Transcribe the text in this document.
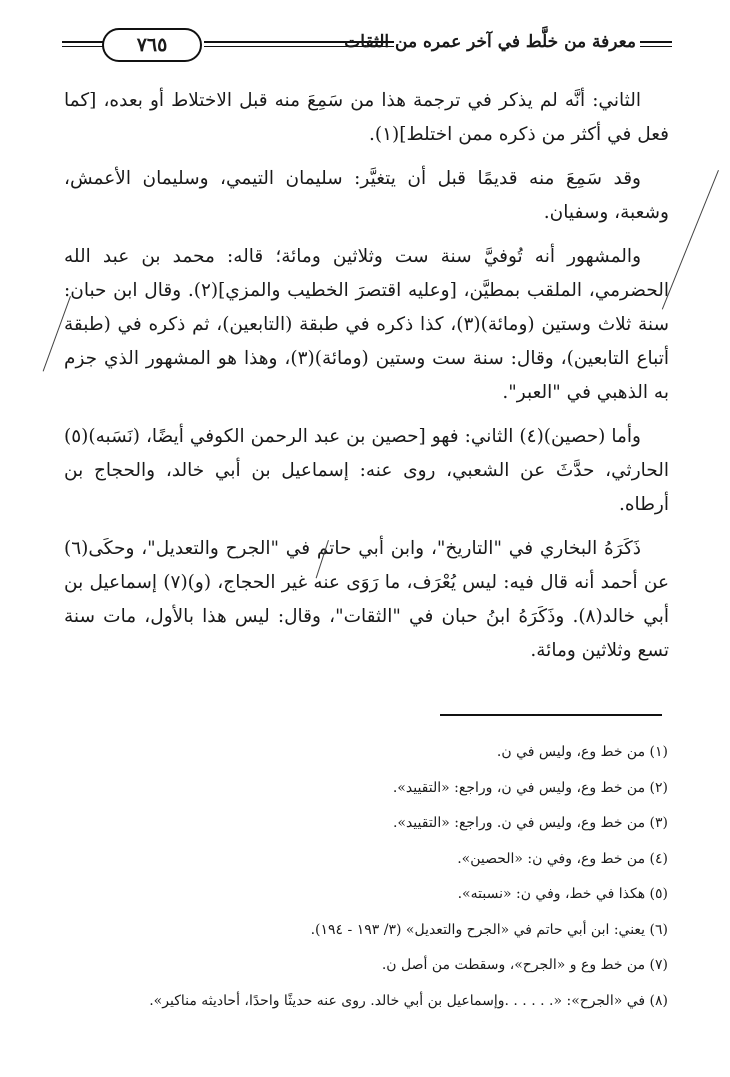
٧٦٥	معرفة من خلَّط في آخر عمره من الثقات

الثاني: أنَّه لم يذكر في ترجمة هذا من سَمِعَ منه قبل الاختلاط أو بعده، [كما فعل في أكثر من ذكره ممن اختلط](١).

وقد سَمِعَ منه قديمًا قبل أن يتغيَّر: سليمان التيمي، وسليمان الأعمش، وشعبة، وسفيان.

والمشهور أنه تُوفيَّ سنة ست وثلاثين ومائة؛ قاله: محمد بن عبد الله الحضرمي، الملقب بمطيَّن، [وعليه اقتصرَ الخطيب والمزي](٢). وقال ابن حبان: سنة ثلاث وستين (ومائة)(٣)، كذا ذكره في طبقة (التابعين)، ثم ذكره في (طبقة أتباع التابعين)، وقال: سنة ست وستين (ومائة)(٣)، وهذا هو المشهور الذي جزم به الذهبي في "العبر".

وأما (حصين)(٤) الثاني: فهو [حصين بن عبد الرحمن الكوفي أيضًا، (نَسَبه)(٥) الحارثي، حدَّثَ عن الشعبي، روى عنه: إسماعيل بن أبي خالد، والحجاج بن أرطاه.

ذَكَرَهُ البخاري في "التاريخ"، وابن أبي حاتم في "الجرح والتعديل"، وحكَى(٦) عن أحمد أنه قال فيه: ليس يُعْرَف، ما رَوَى عنه غير الحجاج، (و)(٧) إسماعيل بن أبي خالد(٨). وذَكَرَهُ ابنُ حبان في "الثقات"، وقال: ليس هذا بالأول، مات سنة تسع وثلاثين ومائة.

(١) من خط وع، وليس في ن.
(٢) من خط وع، وليس في ن، وراجع: «التقييد».
(٣) من خط وع، وليس في ن. وراجع: «التقييد».
(٤) من خط وع، وفي ن: «الحصين».
(٥) هكذا في خط، وفي ن: «نسبته».
(٦) يعني: ابن أبي حاتم في «الجرح والتعديل» (٣/ ١٩٣ - ١٩٤).
(٧) من خط وع و «الجرح»، وسقطت من أصل ن.
(٨) في «الجرح»: «. . . . . .وإسماعيل بن أبي خالد. روى عنه حديثًا واحدًا، أحاديثه مناكير».
